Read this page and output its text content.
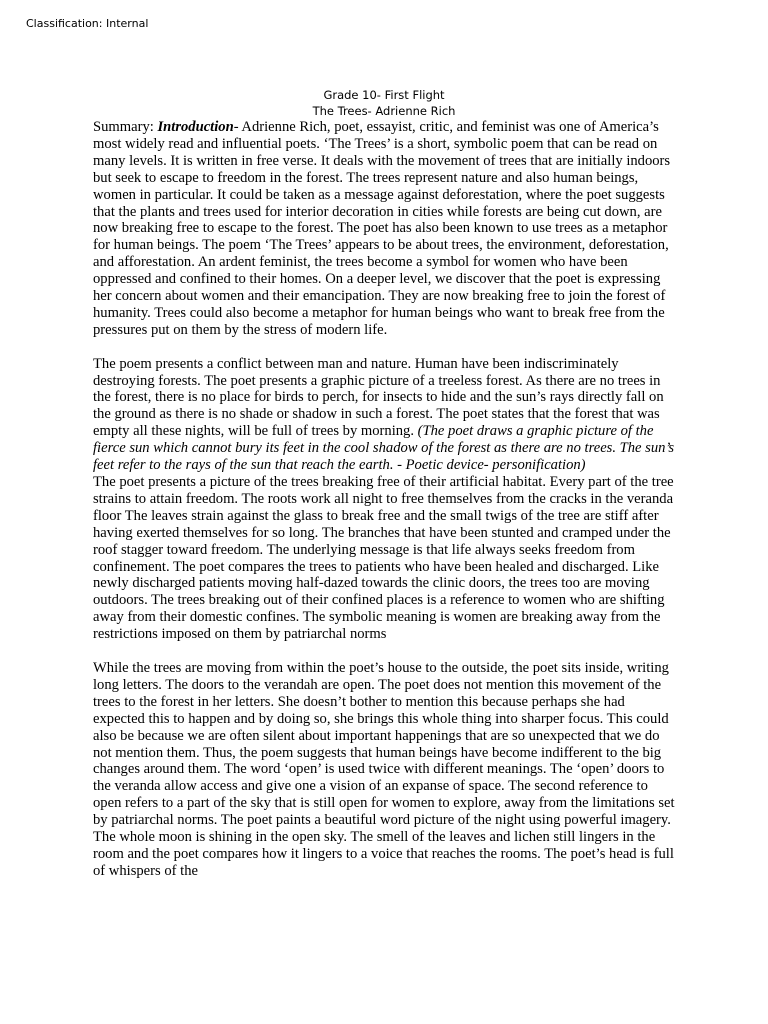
Classification: Internal
Grade 10- First Flight
The Trees- Adrienne Rich

Summary: Introduction- Adrienne Rich, poet, essayist, critic, and feminist was one of America’s most widely read and influential poets. ‘The Trees’ is a short, symbolic poem that can be read on many levels. It is written in free verse. It deals with the movement of trees that are initially indoors but seek to escape to freedom in the forest. The trees represent nature and also human beings, women in particular. It could be taken as a message against deforestation, where the poet suggests that the plants and trees used for interior decoration in cities while forests are being cut down, are now breaking free to escape to the forest. The poet has also been known to use trees as a metaphor for human beings. The poem ‘The Trees’ appears to be about trees, the environment, deforestation, and afforestation. An ardent feminist, the trees become a symbol for women who have been oppressed and confined to their homes. On a deeper level, we discover that the poet is expressing her concern about women and their emancipation. They are now breaking free to join the forest of humanity. Trees could also become a metaphor for human beings who want to break free from the pressures put on them by the stress of modern life.

The poem presents a conflict between man and nature. Human have been indiscriminately destroying forests. The poet presents a graphic picture of a treeless forest. As there are no trees in the forest, there is no place for birds to perch, for insects to hide and the sun’s rays directly fall on the ground as there is no shade or shadow in such a forest. The poet states that the forest that was empty all these nights, will be full of trees by morning. (The poet draws a graphic picture of the fierce sun which cannot bury its feet in the cool shadow of the forest as there are no trees. The sun’s feet refer to the rays of the sun that reach the earth. - Poetic device- personification)

The poet presents a picture of the trees breaking free of their artificial habitat. Every part of the tree strains to attain freedom. The roots work all night to free themselves from the cracks in the veranda floor The leaves strain against the glass to break free and the small twigs of the tree are stiff after having exerted themselves for so long. The branches that have been stunted and cramped under the roof stagger toward freedom. The underlying message is that life always seeks freedom from confinement. The poet compares the trees to patients who have been healed and discharged. Like newly discharged patients moving half-dazed towards the clinic doors, the trees too are moving outdoors. The trees breaking out of their confined places is a reference to women who are shifting away from their domestic confines. The symbolic meaning is women are breaking away from the restrictions imposed on them by patriarchal norms

While the trees are moving from within the poet’s house to the outside, the poet sits inside, writing long letters. The doors to the verandah are open. The poet does not mention this movement of the trees to the forest in her letters. She doesn’t bother to mention this because perhaps she had expected this to happen and by doing so, she brings this whole thing into sharper focus. This could also be because we are often silent about important happenings that are so unexpected that we do not mention them. Thus, the poem suggests that human beings have become indifferent to the big changes around them. The word ‘open’ is used twice with different meanings. The ‘open’ doors to the veranda allow access and give one a vision of an expanse of space. The second reference to open refers to a part of the sky that is still open for women to explore, away from the limitations set by patriarchal norms. The poet paints a beautiful word picture of the night using powerful imagery. The whole moon is shining in the open sky. The smell of the leaves and lichen still lingers in the room and the poet compares how it lingers to a voice that reaches the rooms. The poet’s head is full of whispers of the
